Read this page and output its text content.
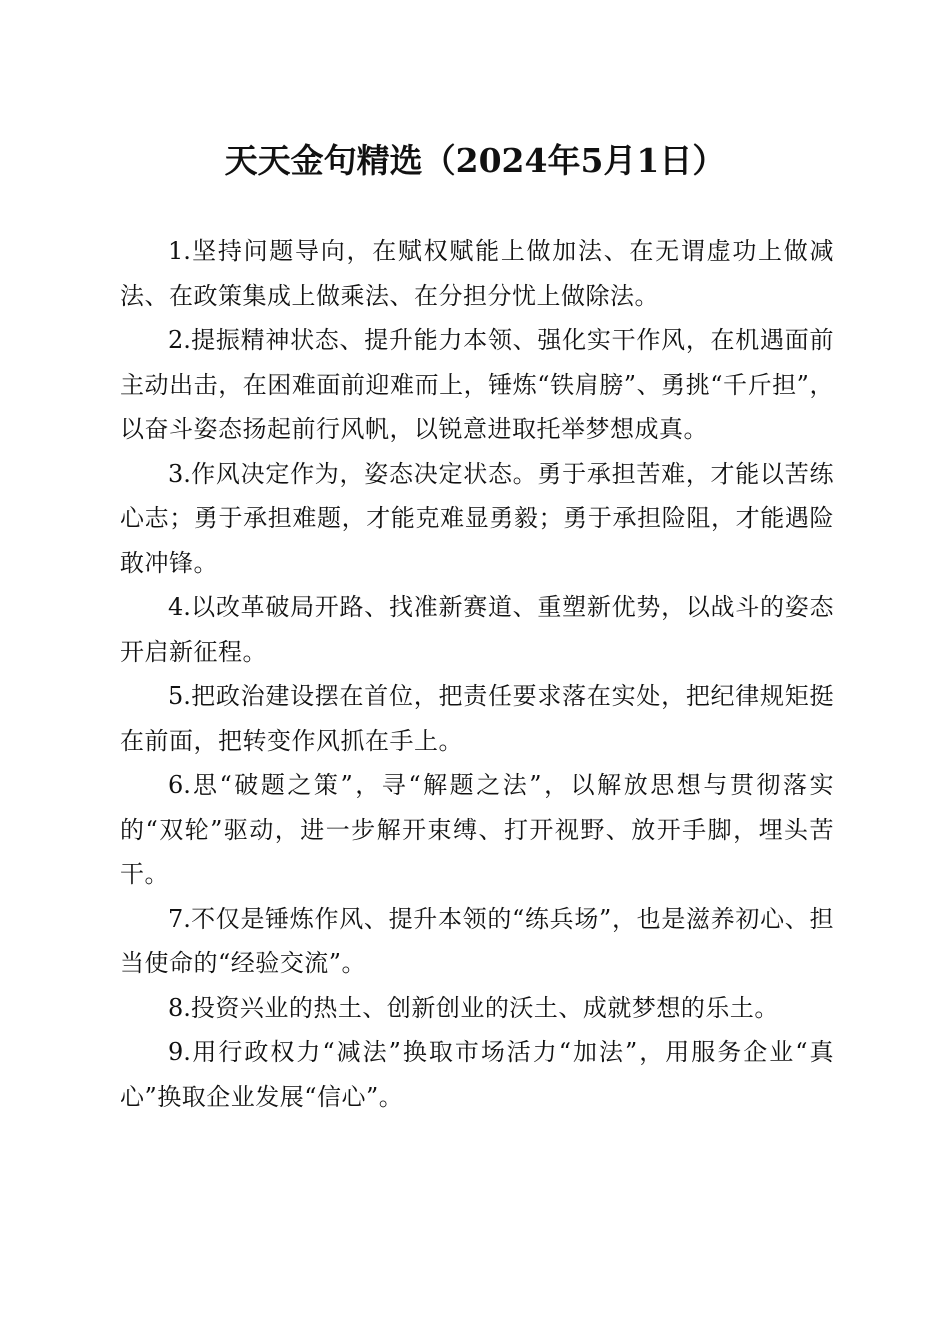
天天金句精选（2024年5月1日）

1.坚持问题导向，在赋权赋能上做加法、在无谓虚功上做减法、在政策集成上做乘法、在分担分忧上做除法。

2.提振精神状态、提升能力本领、强化实干作风，在机遇面前主动出击，在困难面前迎难而上，锤炼“铁肩膀”、勇挑“千斤担”，以奋斗姿态扬起前行风帆，以锐意进取托举梦想成真。

3.作风决定作为，姿态决定状态。勇于承担苦难，才能以苦练心志；勇于承担难题，才能克难显勇毅；勇于承担险阻，才能遇险敢冲锋。

4.以改革破局开路、找准新赛道、重塑新优势，以战斗的姿态开启新征程。

5.把政治建设摆在首位，把责任要求落在实处，把纪律规矩挺在前面，把转变作风抓在手上。

6.思“破题之策”，寻“解题之法”，以解放思想与贯彻落实的“双轮”驱动，进一步解开束缚、打开视野、放开手脚，埋头苦干。

7.不仅是锤炼作风、提升本领的“练兵场”，也是滋养初心、担当使命的“经验交流”。

8.投资兴业的热土、创新创业的沃土、成就梦想的乐土。

9.用行政权力“减法”换取市场活力“加法”，用服务企业“真心”换取企业发展“信心”。
